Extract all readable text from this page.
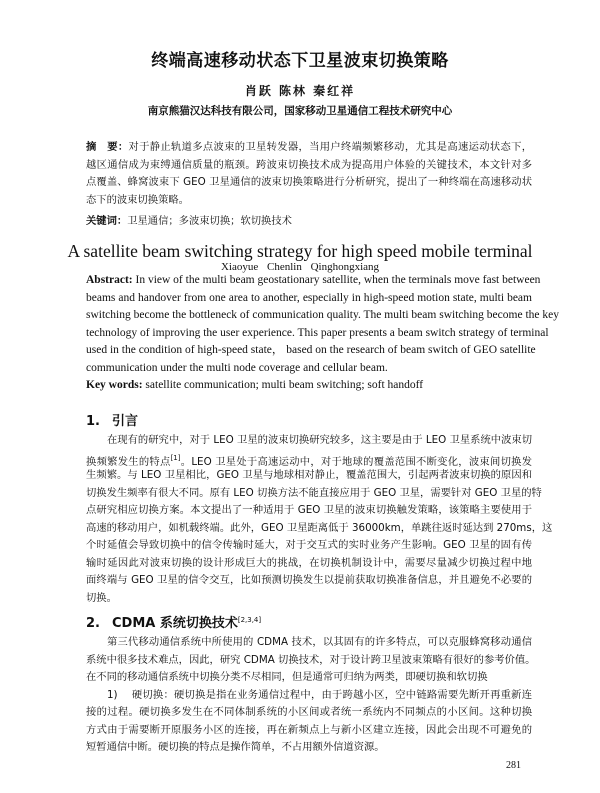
终端高速移动状态下卫星波束切换策略
肖跃 陈林 秦红祥
南京熊猫汉达科技有限公司，国家移动卫星通信工程技术研究中心
摘　要：对于静止轨道多点波束的卫星转发器，当用户终端频繁移动，尤其是高速运动状态下，
越区通信成为束缚通信质量的瓶颈。跨波束切换技术成为提高用户体验的关键技术，本文针对多
点覆盖、蜂窝波束下 GEO 卫星通信的波束切换策略进行分析研究，提出了一种终端在高速移动状
态下的波束切换策略。
关键词：卫星通信；多波束切换；软切换技术
A satellite beam switching strategy for high speed mobile terminal
Xiaoyue Chenlin Qinghongxiang
Abstract: In view of the multi beam geostationary satellite, when the terminals move fast between
beams and handover from one area to another, especially in high-speed motion state, multi beam
switching become the bottleneck of communication quality. The multi beam switching become the key
technology of improving the user experience. This paper presents a beam switch strategy of terminal
used in the condition of high-speed state， based on the research of beam switch of GEO satellite
communication under the multi node coverage and cellular beam.
Key words: satellite communication; multi beam switching; soft handoff
1. 引言
在现有的研究中，对于 LEO 卫星的波束切换研究较多，这主要是由于 LEO 卫星系统中波束切
换频繁发生的特点[1]。LEO 卫星处于高速运动中，对于地球的覆盖范围不断变化，波束间切换发
生频繁。与 LEO 卫星相比，GEO 卫星与地球相对静止，覆盖范围大，引起两者波束切换的原因和
切换发生频率有很大不同。原有 LEO 切换方法不能直接应用于 GEO 卫星，需要针对 GEO 卫星的特
点研究相应切换方案。本文提出了一种适用于 GEO 卫星的波束切换触发策略，该策略主要使用于
高速的移动用户，如机载终端。此外，GEO 卫星距离低于 36000km，单跳往返时延达到 270ms，这
个时延值会导致切换中的信令传输时延大，对于交互式的实时业务产生影响。GEO 卫星的固有传
输时延因此对波束切换的设计形成巨大的挑战，在切换机制设计中，需要尽量减少切换过程中地
面终端与 GEO 卫星的信令交互，比如预测切换发生以提前获取切换准备信息，并且避免不必要的
切换。
2. CDMA 系统切换技术[2,3,4]
第三代移动通信系统中所使用的 CDMA 技术，以其固有的许多特点，可以克服蜂窝移动通信
系统中很多技术难点，因此，研究 CDMA 切换技术，对于设计跨卫星波束策略有很好的参考价值。
在不同的移动通信系统中切换分类不尽相同，但是通常可归纳为两类，即硬切换和软切换
1)　 硬切换：硬切换是指在业务通信过程中，由于跨越小区，空中链路需要先断开再重新连
接的过程。硬切换多发生在不同体制系统的小区间或者统一系统内不同频点的小区间。这种切换
方式由于需要断开原服务小区的连接，再在新频点上与新小区建立连接，因此会出现不可避免的
短暂通信中断。硬切换的特点是操作简单，不占用额外信道资源。
281
